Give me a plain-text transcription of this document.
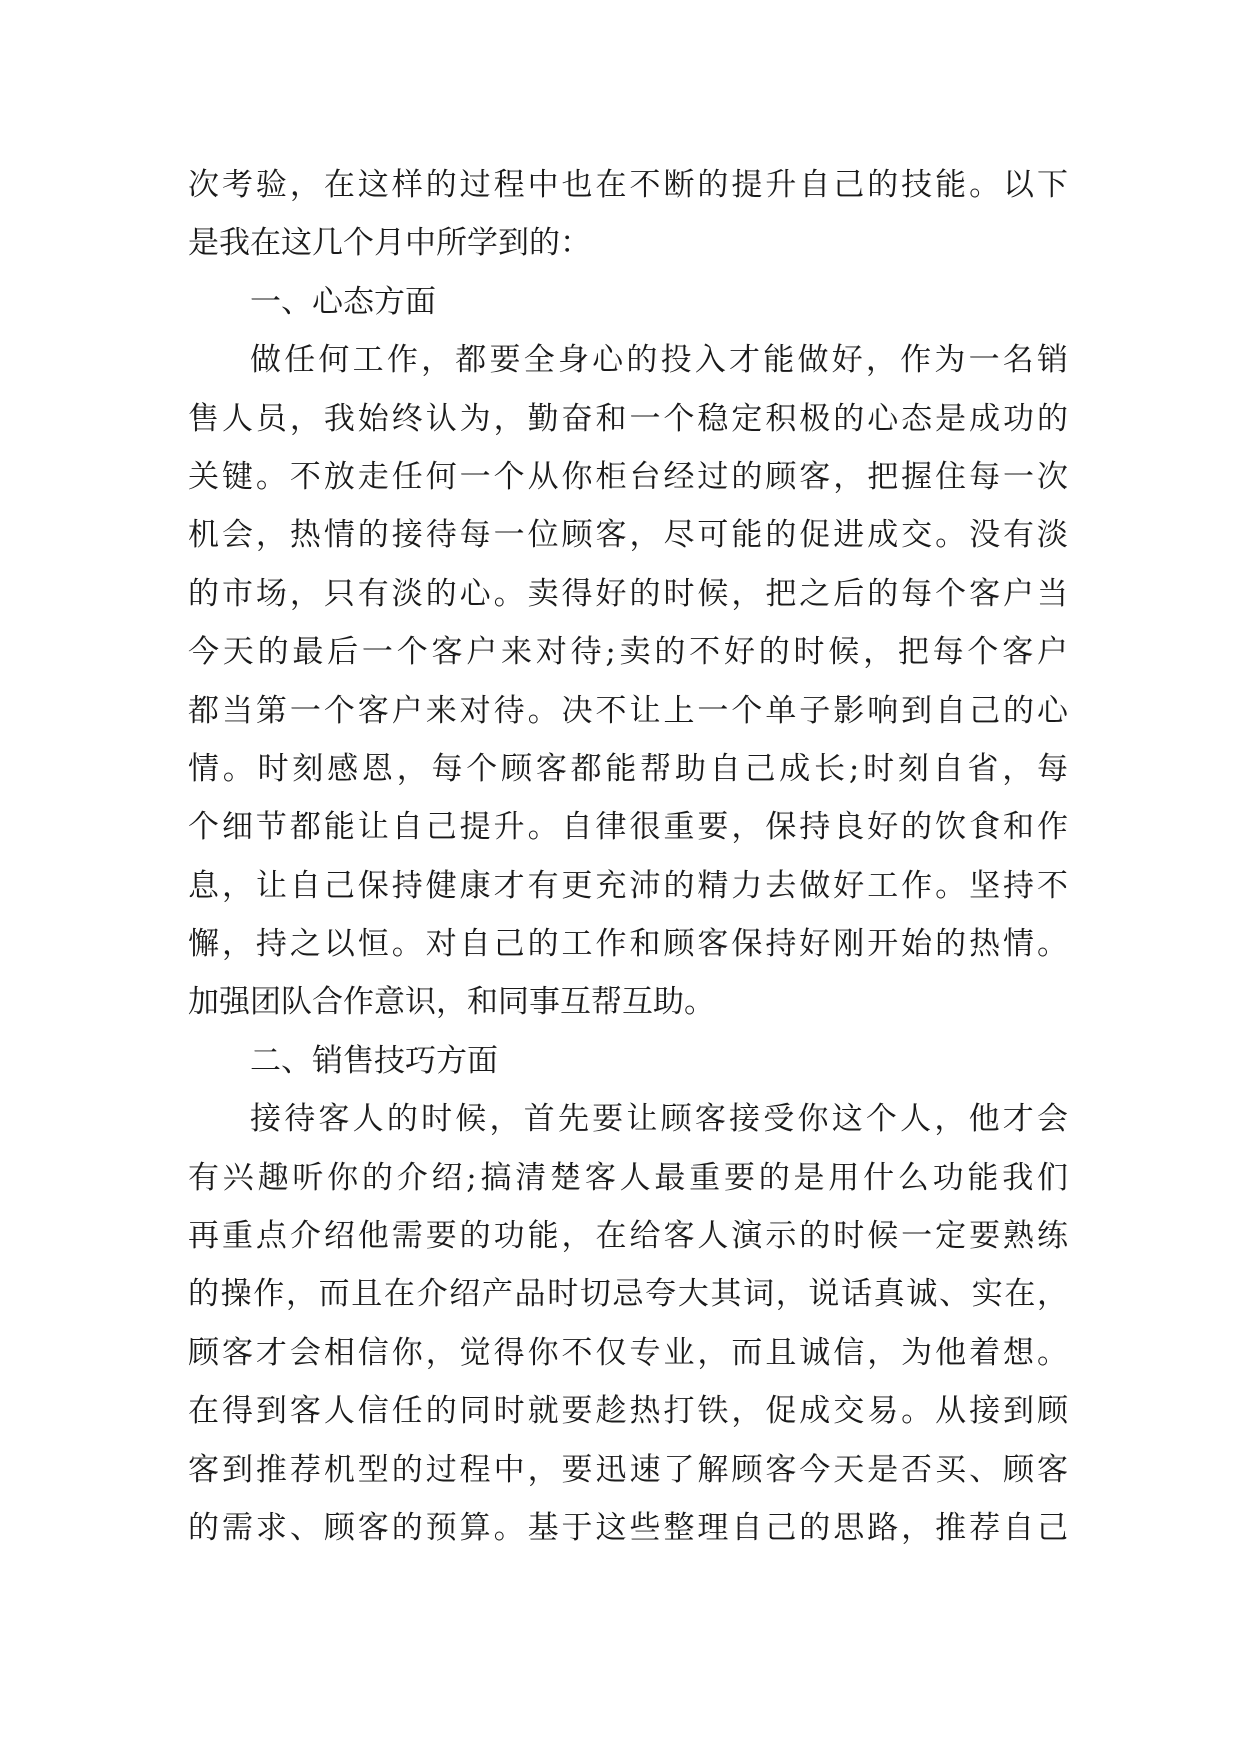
次考验，在这样的过程中也在不断的提升自己的技能。以下
是我在这几个月中所学到的：
一、心态方面
做任何工作，都要全身心的投入才能做好，作为一名销
售人员，我始终认为，勤奋和一个稳定积极的心态是成功的
关键。不放走任何一个从你柜台经过的顾客，把握住每一次
机会，热情的接待每一位顾客，尽可能的促进成交。没有淡
的市场，只有淡的心。卖得好的时候，把之后的每个客户当
今天的最后一个客户来对待;卖的不好的时候，把每个客户
都当第一个客户来对待。决不让上一个单子影响到自己的心
情。时刻感恩，每个顾客都能帮助自己成长;时刻自省，每
个细节都能让自己提升。自律很重要，保持良好的饮食和作
息，让自己保持健康才有更充沛的精力去做好工作。坚持不
懈，持之以恒。对自己的工作和顾客保持好刚开始的热情。
加强团队合作意识，和同事互帮互助。
二、销售技巧方面
接待客人的时候，首先要让顾客接受你这个人，他才会
有兴趣听你的介绍;搞清楚客人最重要的是用什么功能我们
再重点介绍他需要的功能，在给客人演示的时候一定要熟练
的操作，而且在介绍产品时切忌夸大其词，说话真诚、实在，
顾客才会相信你，觉得你不仅专业，而且诚信，为他着想。
在得到客人信任的同时就要趁热打铁，促成交易。从接到顾
客到推荐机型的过程中，要迅速了解顾客今天是否买、顾客
的需求、顾客的预算。基于这些整理自己的思路，推荐自己
